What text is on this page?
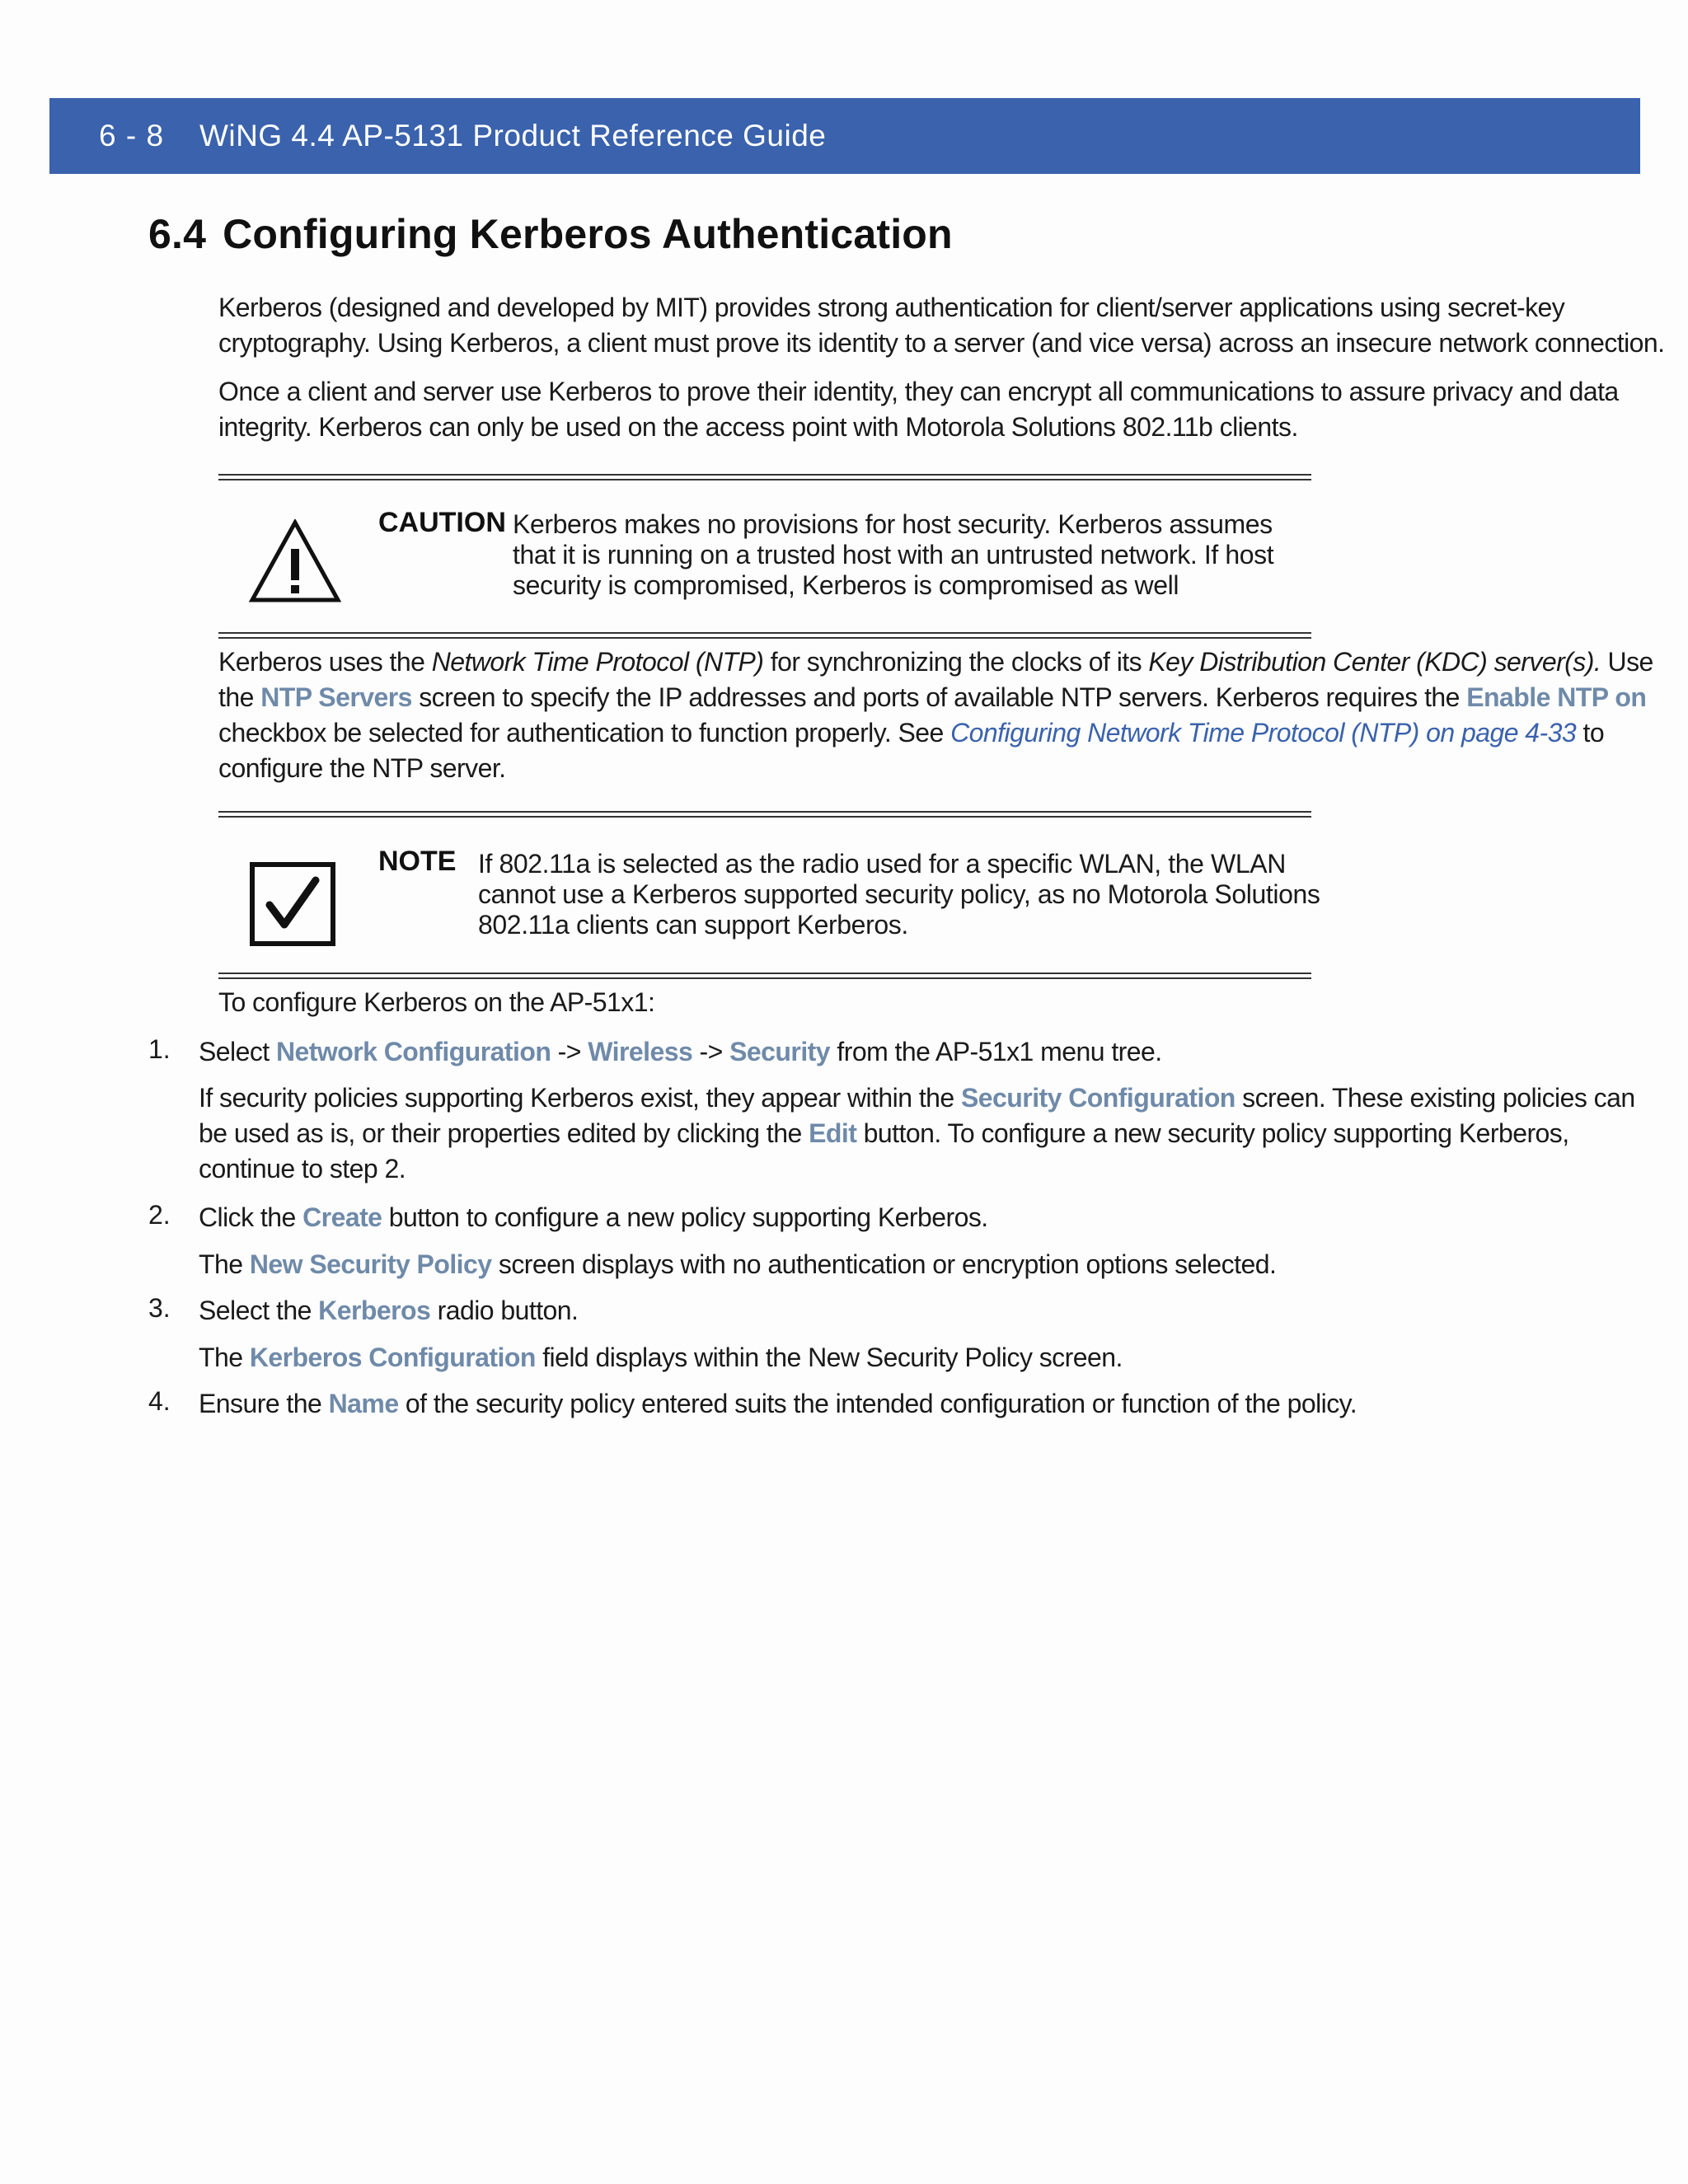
6 - 8	WiNG 4.4 AP-5131 Product Reference Guide
6.4 Configuring Kerberos Authentication

Kerberos (designed and developed by MIT) provides strong authentication for client/server applications using secret-key

cryptography. Using Kerberos, a client must prove its identity to a server (and vice versa) across an insecure network connection.

Once a client and server use Kerberos to prove their identity, they can encrypt all communications to assure privacy and data

integrity. Kerberos can only be used on the access point with Motorola Solutions 802.11b clients.

CAUTION Kerberos makes no provisions for host security. Kerberos assumes
that it is running on a trusted host with an untrusted network. If host
security is compromised, Kerberos is compromised as well

Kerberos uses the Network Time Protocol (NTP) for synchronizing the clocks of its Key Distribution Center (KDC) server(s). Use

the NTP Servers screen to specify the IP addresses and ports of available NTP servers. Kerberos requires the Enable NTP on

checkbox be selected for authentication to function properly. See Configuring Network Time Protocol (NTP) on page 4-33 to

configure the NTP server.

NOTE If 802.11a is selected as the radio used for a specific WLAN, the WLAN
cannot use a Kerberos supported security policy, as no Motorola Solutions
802.11a clients can support Kerberos.
To configure Kerberos on the AP-51x1:
1. Select Network Configuration -> Wireless -> Security from the AP-51x1 menu tree.
If security policies supporting Kerberos exist, they appear within the Security Configuration screen. These existing policies can
be used as is, or their properties edited by clicking the Edit button. To configure a new security policy supporting Kerberos,
continue to step 2.
2. Click the Create button to configure a new policy supporting Kerberos.
The New Security Policy screen displays with no authentication or encryption options selected.
3. Select the Kerberos radio button.
The Kerberos Configuration field displays within the New Security Policy screen.
4. Ensure the Name of the security policy entered suits the intended configuration or function of the policy.
